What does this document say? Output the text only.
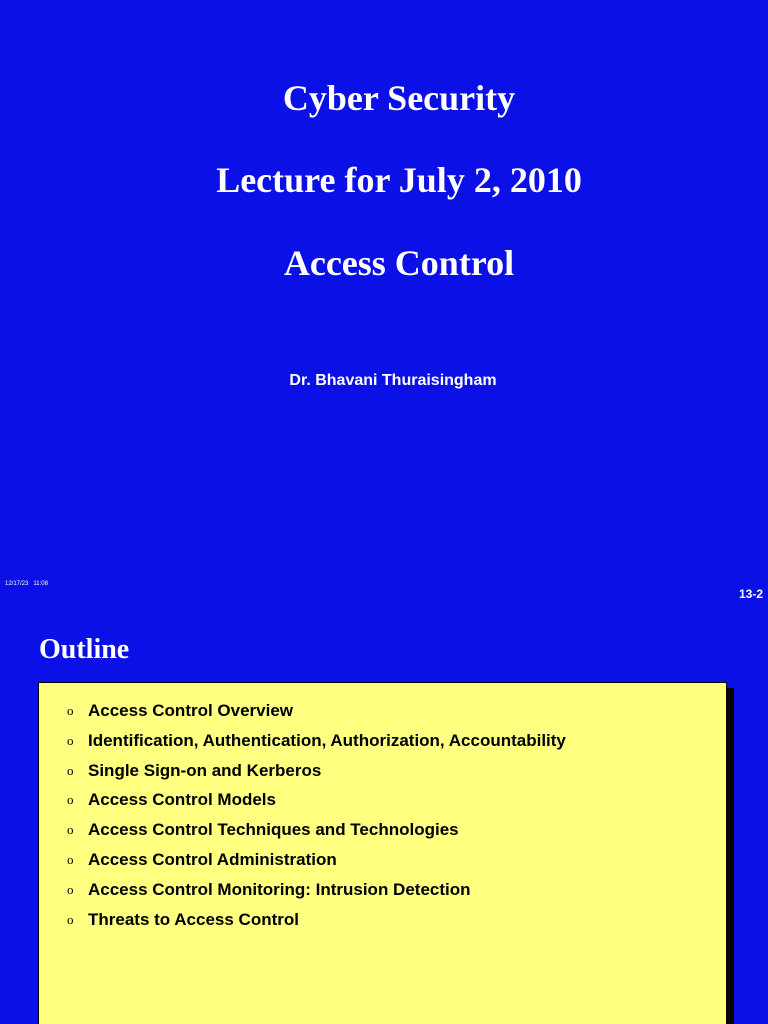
Cyber Security
Lecture for July 2, 2010
Access Control
Dr. Bhavani Thuraisingham
12/17/23   11:08
13-2
Outline
o Access Control Overview
o Identification, Authentication, Authorization, Accountability
o Single Sign-on and Kerberos
o Access Control Models
o Access Control Techniques and Technologies
o Access Control Administration
o Access Control Monitoring: Intrusion Detection
o Threats to Access Control
